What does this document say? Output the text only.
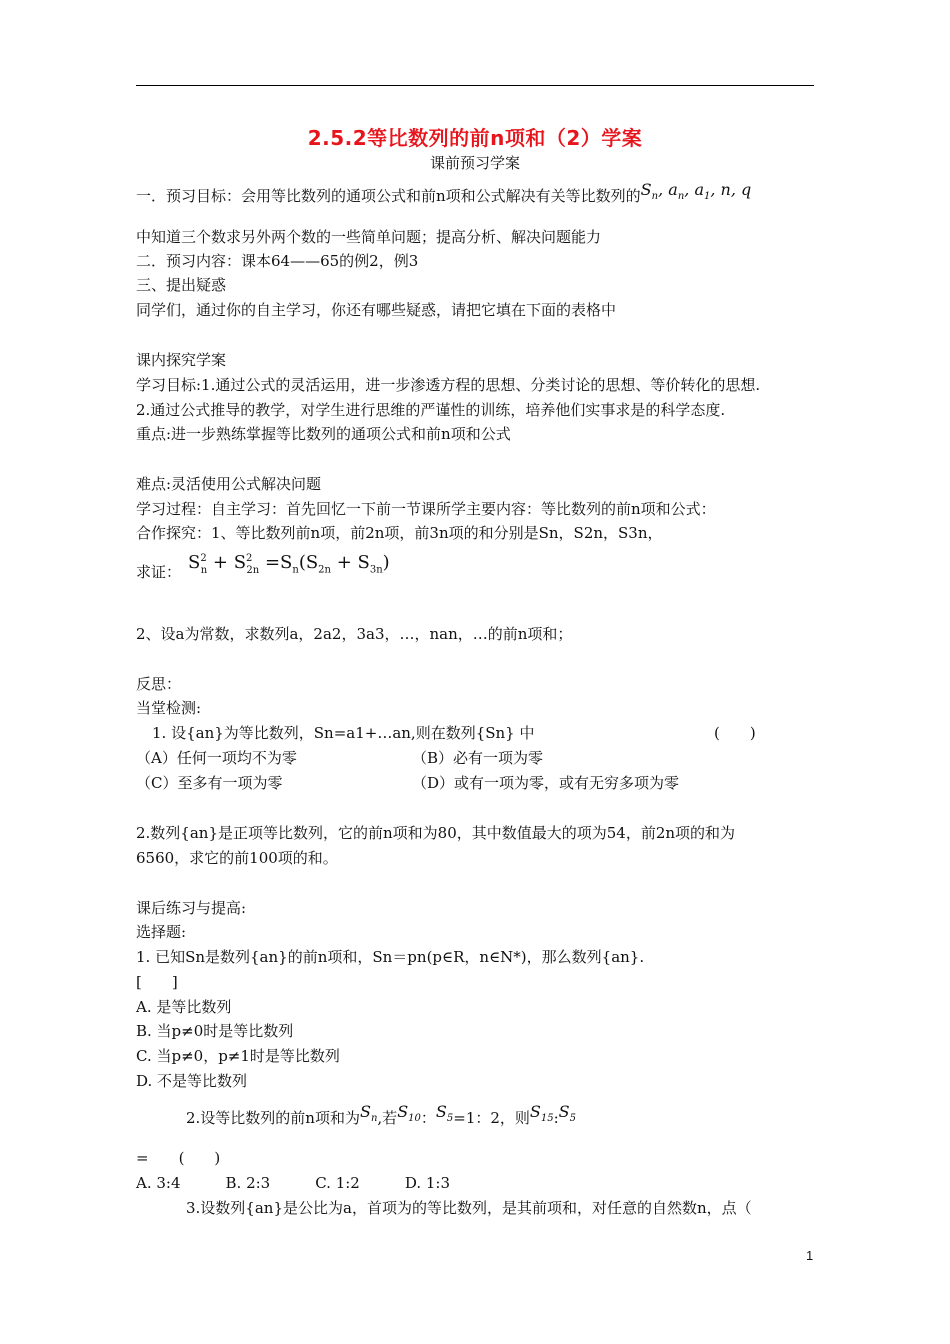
2.5.2等比数列的前n项和（2）学案
课前预习学案
一．预习目标：会用等比数列的通项公式和前n项和公式解决有关等比数列的$S_n$, $a_n$, $a_1$, n, q
中知道三个数求另外两个数的一些简单问题；提高分析、解决问题能力
二．预习内容：课本64——65的例2，例3
三、提出疑惑
同学们，通过你的自主学习，你还有哪些疑惑，请把它填在下面的表格中
课内探究学案
学习目标:1.通过公式的灵活运用，进一步渗透方程的思想、分类讨论的思想、等价转化的思想.
2.通过公式推导的教学，对学生进行思维的严谨性的训练，培养他们实事求是的科学态度.
重点:进一步熟练掌握等比数列的通项公式和前n项和公式
难点:灵活使用公式解决问题
学习过程：自主学习：首先回忆一下前一节课所学主要内容：等比数列的前n项和公式：
合作探究：1、等比数列前n项，前2n项，前3n项的和分别是Sn，S2n，S3n，
求证： $S^2_n + S^2_{2n} =S_n(S_{2n} + S_{3n})$
2、设a为常数，求数列a，2a2，3a3，…，nan，…的前n项和；
反思：
当堂检测:
1. 设{an}为等比数列，Sn=a1+…an,则在数列{Sn} 中	(　　)
（A）任何一项均不为零	（B）必有一项为零
（C）至多有一项为零	（D）或有一项为零，或有无穷多项为零
2.数列{an}是正项等比数列，它的前n项和为80，其中数值最大的项为54，前2n项的和为
6560，求它的前100项的和。
课后练习与提高:
选择题:
1. 已知Sn是数列{an}的前n项和，Sn＝pn(p∈R，n∈N*)，那么数列{an}.
[　　]
A. 是等比数列
B. 当p≠0时是等比数列
C. 当p≠0，p≠1时是等比数列
D. 不是等比数列
2.设等比数列的前n项和为$S_n$,若$S_{10}$：$S_5=1$：2，则$S_{15}:S_5$
=　　(　　)
A. 3:4　　　B. 2:3　　　C. 1:2　　　D. 1:3
3.设数列{an}是公比为a，首项为的等比数列，是其前项和，对任意的自然数n，点（
1
